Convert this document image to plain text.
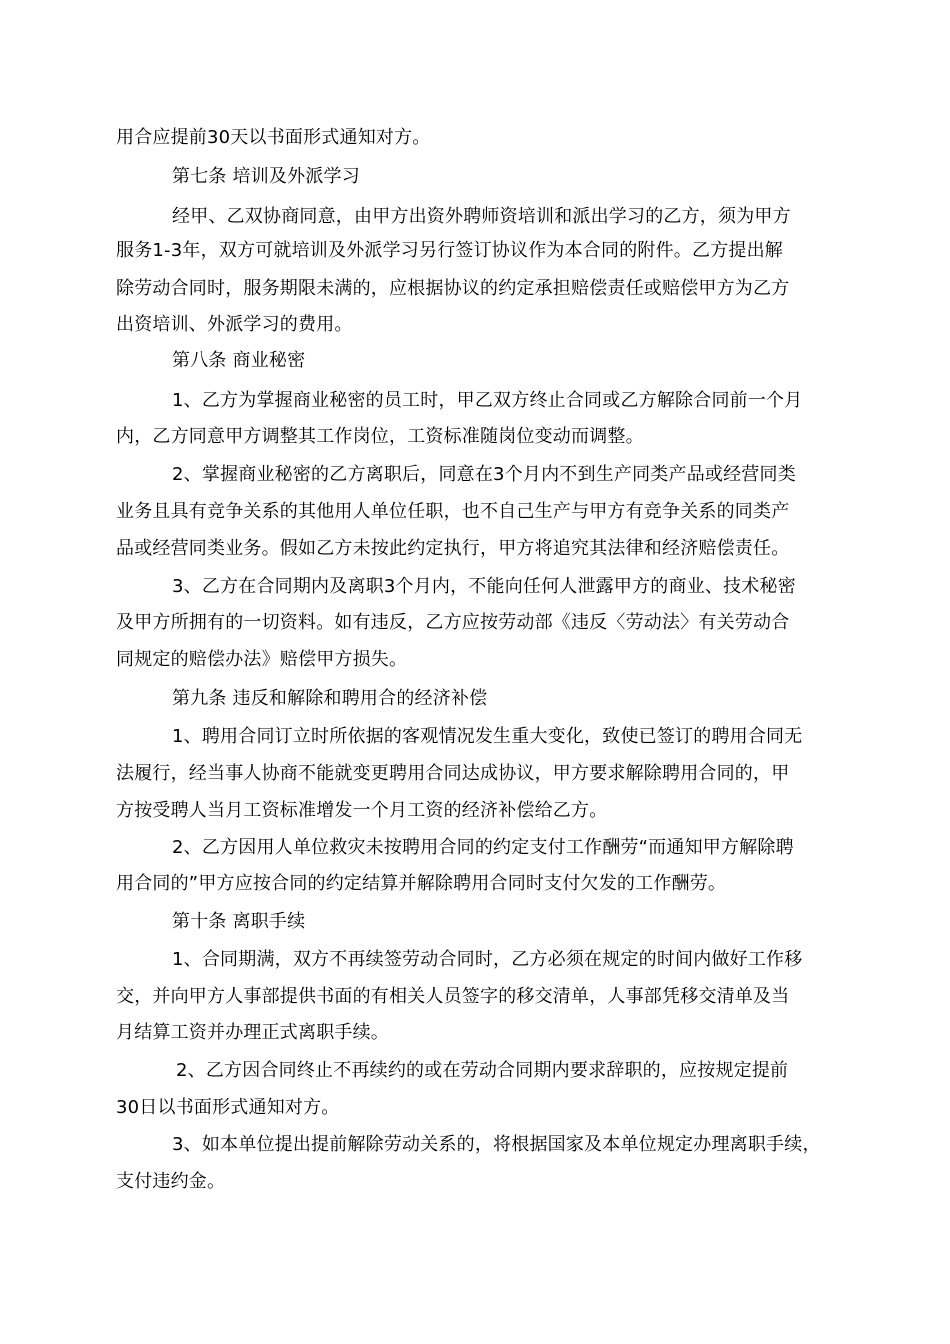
用合应提前30天以书面形式通知对方。
第七条 培训及外派学习
经甲、乙双协商同意，由甲方出资外聘师资培训和派出学习的乙方，须为甲方
服务1-3年，双方可就培训及外派学习另行签订协议作为本合同的附件。乙方提出解
除劳动合同时，服务期限未满的，应根据协议的约定承担赔偿责任或赔偿甲方为乙方
出资培训、外派学习的费用。
第八条 商业秘密
1、乙方为掌握商业秘密的员工时，甲乙双方终止合同或乙方解除合同前一个月
内，乙方同意甲方调整其工作岗位，工资标准随岗位变动而调整。
2、掌握商业秘密的乙方离职后，同意在3个月内不到生产同类产品或经营同类
业务且具有竞争关系的其他用人单位任职，也不自己生产与甲方有竞争关系的同类产
品或经营同类业务。假如乙方未按此约定执行，甲方将追究其法律和经济赔偿责任。
3、乙方在合同期内及离职3个月内，不能向任何人泄露甲方的商业、技术秘密
及甲方所拥有的一切资料。如有违反，乙方应按劳动部《违反〈劳动法〉有关劳动合
同规定的赔偿办法》赔偿甲方损失。
第九条 违反和解除和聘用合的经济补偿
1、聘用合同订立时所依据的客观情况发生重大变化，致使已签订的聘用合同无
法履行，经当事人协商不能就变更聘用合同达成协议，甲方要求解除聘用合同的，甲
方按受聘人当月工资标准增发一个月工资的经济补偿给乙方。
2、乙方因用人单位救灾未按聘用合同的约定支付工作酬劳“而通知甲方解除聘
用合同的”甲方应按合同的约定结算并解除聘用合同时支付欠发的工作酬劳。
第十条 离职手续
1、合同期满，双方不再续签劳动合同时，乙方必须在规定的时间内做好工作移
交，并向甲方人事部提供书面的有相关人员签字的移交清单，人事部凭移交清单及当
月结算工资并办理正式离职手续。
2、乙方因合同终止不再续约的或在劳动合同期内要求辞职的，应按规定提前
30日以书面形式通知对方。
3、如本单位提出提前解除劳动关系的，将根据国家及本单位规定办理离职手续，
支付违约金。
